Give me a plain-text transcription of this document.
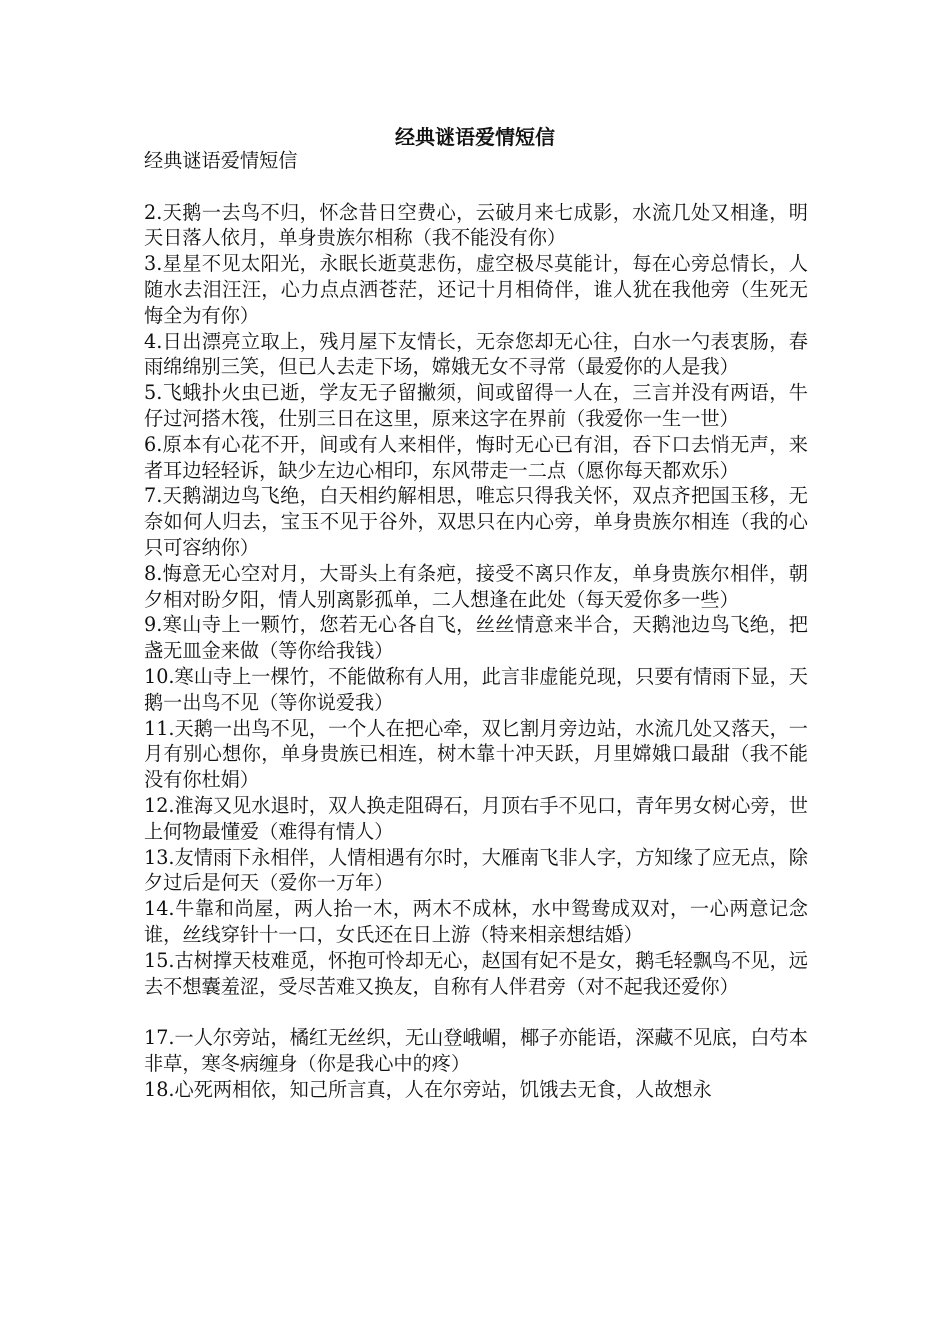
经典谜语爱情短信

经典谜语爱情短信

2.天鹅一去鸟不归，怀念昔日空费心，云破月来七成影，水流几处又相逢，明天日落人依月，单身贵族尔相称（我不能没有你）

3.星星不见太阳光，永眠长逝莫悲伤，虚空极尽莫能计，每在心旁总情长，人随水去泪汪汪，心力点点洒苍茫，还记十月相倚伴，谁人犹在我他旁（生死无悔全为有你）

4.日出漂亮立取上，残月屋下友情长，无奈您却无心往，白水一勺表衷肠，春雨绵绵别三笑，但已人去走下场，嫦娥无女不寻常（最爱你的人是我）

5.飞蛾扑火虫已逝，学友无子留撇须，间或留得一人在，三言并没有两语，牛仔过河搭木筏，仕别三日在这里，原来这字在界前（我爱你一生一世）

6.原本有心花不开，间或有人来相伴，悔时无心已有泪，吞下口去悄无声，来者耳边轻轻诉，缺少左边心相印，东风带走一二点（愿你每天都欢乐）

7.天鹅湖边鸟飞绝，白天相约解相思，唯忘只得我关怀，双点齐把国玉移，无奈如何人归去，宝玉不见于谷外，双思只在内心旁，单身贵族尔相连（我的心只可容纳你）

8.悔意无心空对月，大哥头上有条疤，接受不离只作友，单身贵族尔相伴，朝夕相对盼夕阳，情人别离影孤单，二人想逢在此处（每天爱你多一些）

9.寒山寺上一颗竹，您若无心各自飞，丝丝情意来半合，天鹅池边鸟飞绝，把盏无皿金来做（等你给我钱）

10.寒山寺上一棵竹，不能做称有人用，此言非虚能兑现，只要有情雨下显，天鹅一出鸟不见（等你说爱我）

11.天鹅一出鸟不见，一个人在把心牵，双匕割月旁边站，水流几处又落天，一月有别心想你，单身贵族已相连，树木靠十冲天跃，月里嫦娥口最甜（我不能没有你杜娟）

12.淮海又见水退时，双人换走阻碍石，月顶右手不见口，青年男女树心旁，世上何物最懂爱（难得有情人）

13.友情雨下永相伴，人情相遇有尔时，大雁南飞非人字，方知缘了应无点，除夕过后是何天（爱你一万年）

14.牛靠和尚屋，两人抬一木，两木不成林，水中鸳鸯成双对，一心两意记念谁，丝线穿针十一口，女氏还在日上游（特来相亲想结婚）

15.古树撑天枝难觅，怀抱可怜却无心，赵国有妃不是女，鹅毛轻飘鸟不见，远去不想囊羞涩，受尽苦难又换友，自称有人伴君旁（对不起我还爱你）

17.一人尔旁站，橘红无丝织，无山登峨嵋，椰子亦能语，深藏不见底，白芍本非草，寒冬病缠身（你是我心中的疼）

18.心死两相依，知己所言真，人在尔旁站，饥饿去无食，人故想永
